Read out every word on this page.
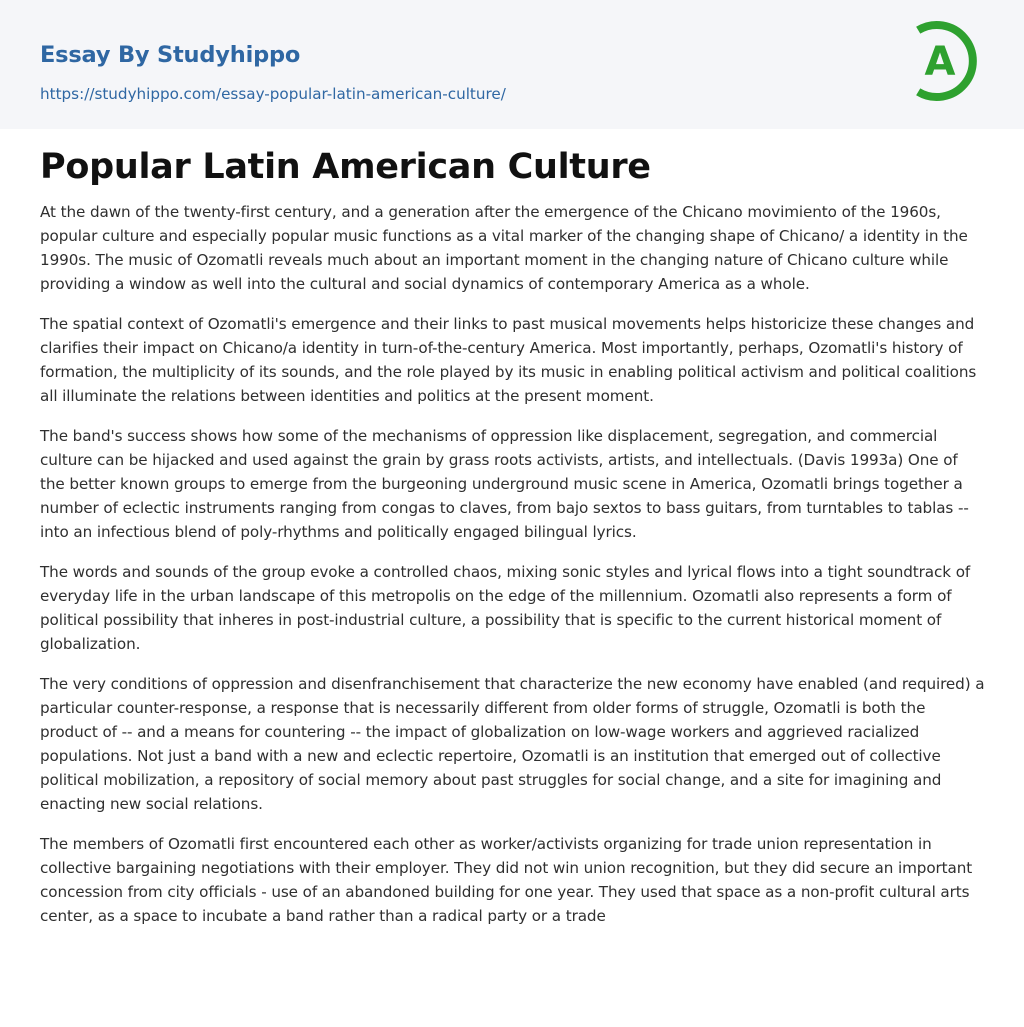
Essay By Studyhippo
https://studyhippo.com/essay-popular-latin-american-culture/
A
Popular Latin American Culture

At the dawn of the twenty-first century, and a generation after the emergence of the Chicano movimiento of the 1960s, popular culture and especially popular music functions as a vital marker of the changing shape of Chicano/ a identity in the 1990s. The music of Ozomatli reveals much about an important moment in the changing nature of Chicano culture while providing a window as well into the cultural and social dynamics of contemporary America as a whole.

The spatial context of Ozomatli's emergence and their links to past musical movements helps historicize these changes and clarifies their impact on Chicano/a identity in turn-of-the-century America. Most importantly, perhaps, Ozomatli's history of formation, the multiplicity of its sounds, and the role played by its music in enabling political activism and political coalitions all illuminate the relations between identities and politics at the present moment.

The band's success shows how some of the mechanisms of oppression like displacement, segregation, and commercial culture can be hijacked and used against the grain by grass roots activists, artists, and intellectuals. (Davis 1993a) One of the better known groups to emerge from the burgeoning underground music scene in America, Ozomatli brings together a number of eclectic instruments ranging from congas to claves, from bajo sextos to bass guitars, from turntables to tablas -- into an infectious blend of poly-rhythms and politically engaged bilingual lyrics.

The words and sounds of the group evoke a controlled chaos, mixing sonic styles and lyrical flows into a tight soundtrack of everyday life in the urban landscape of this metropolis on the edge of the millennium. Ozomatli also represents a form of political possibility that inheres in post-industrial culture, a possibility that is specific to the current historical moment of globalization.

The very conditions of oppression and disenfranchisement that characterize the new economy have enabled (and required) a particular counter-response, a response that is necessarily different from older forms of struggle, Ozomatli is both the product of -- and a means for countering -- the impact of globalization on low-wage workers and aggrieved racialized populations. Not just a band with a new and eclectic repertoire, Ozomatli is an institution that emerged out of collective political mobilization, a repository of social memory about past struggles for social change, and a site for imagining and enacting new social relations.

The members of Ozomatli first encountered each other as worker/activists organizing for trade union representation in collective bargaining negotiations with their employer. They did not win union recognition, but they did secure an important concession from city officials - use of an abandoned building for one year. They used that space as a non-profit cultural arts center, as a space to incubate a band rather than a radical party or a trade
